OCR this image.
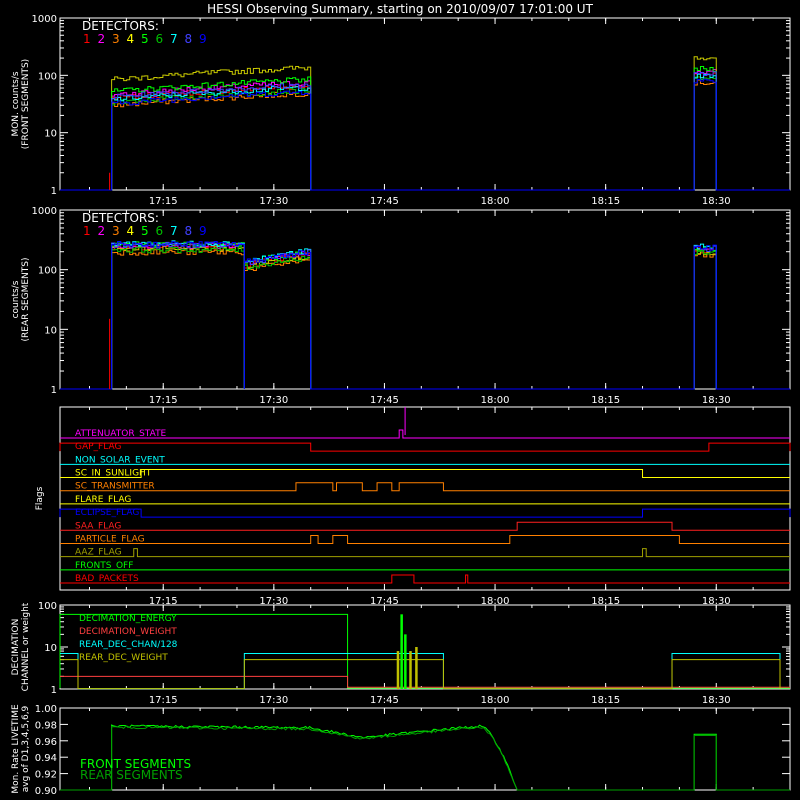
HESSI Observing Summary, starting on 2010/09/07 17:01:00 UT
17:15	17:30	17:45	18:00	18:15	18:30
1
10
100
1000
MON. counts/s (FRONT SEGMENTS)
DETECTORS:
1 2 3 4 5 6 7 8 9
17:15	17:30	17:45	18:00	18:15	18:30
1
10
100
1000
counts/s (REAR SEGMENTS)
DETECTORS:
1 2 3 4 5 6 7 8 9
17:15	17:30	17:45	18:00	18:15	18:30
Flags
ATTENUATOR_STATE
GAP_FLAG
NON_SOLAR_EVENT
SC_IN_SUNLIGHT
SC_TRANSMITTER
FLARE_FLAG
ECLIPSE_FLAG
SAA_FLAG
PARTICLE_FLAG
AAZ_FLAG
FRONTS_OFF
BAD_PACKETS
17:15	17:30	17:45	18:00	18:15	18:30
1
10
100
DECIMATION CHANNEL or weight	DECIMATION_ENERGY
DECIMATION_WEIGHT
REAR_DEC_CHAN/128
REAR_DEC_WEIGHT
0.90
0.92
0.94
0.96
0.98
1.00
Mon. Rate LIVETIME avg of D1,3,4,5,6,9	FRONT SEGMENTS
REAR SEGMENTS
